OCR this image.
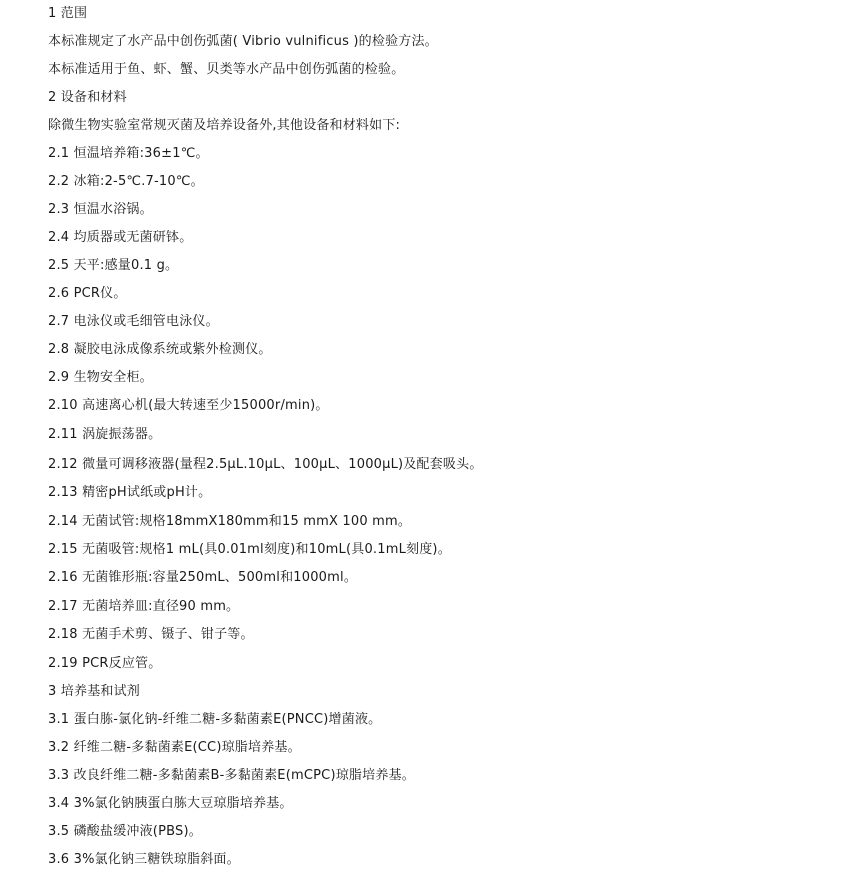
1 范围
本标准规定了水产品中创伤弧菌( Vibrio vulnificus )的检验方法。
本标准适用于鱼、虾、蟹、贝类等水产品中创伤弧菌的检验。
2 设备和材料
除微生物实验室常规灭菌及培养设备外,其他设备和材料如下:
2.1 恒温培养箱:36±1℃。
2.2 冰箱:2-5℃.7-10℃。
2.3 恒温水浴锅。
2.4 均质器或无菌研钵。
2.5 天平:感量0.1 g。
2.6 PCR仪。
2.7 电泳仪或毛细管电泳仪。
2.8 凝胶电泳成像系统或紫外检测仪。
2.9 生物安全柜。
2.10 高速离心机(最大转速至少15000r/min)。
2.11 涡旋振荡器。
2.12 微量可调移液器(量程2.5μL.10μL、100μL、1000μL)及配套吸头。
2.13 精密pH试纸或pH计。
2.14 无菌试管:规格18mmX180mm和15 mmX 100 mm。
2.15 无菌吸管:规格1 mL(具0.01ml刻度)和10mL(具0.1mL刻度)。
2.16 无菌锥形瓶:容量250mL、500ml和1000ml。
2.17 无菌培养皿:直径90 mm。
2.18 无菌手术剪、镊子、钳子等。
2.19 PCR反应管。
3 培养基和试剂
3.1 蛋白胨-氯化钠-纤维二糖-多黏菌素E(PNCC)增菌液。
3.2 纤维二糖-多黏菌素E(CC)琼脂培养基。
3.3 改良纤维二糖-多黏菌素B-多黏菌素E(mCPC)琼脂培养基。
3.4 3%氯化钠胰蛋白胨大豆琼脂培养基。
3.5 磷酸盐缓冲液(PBS)。
3.6 3%氯化钠三糖铁琼脂斜面。
